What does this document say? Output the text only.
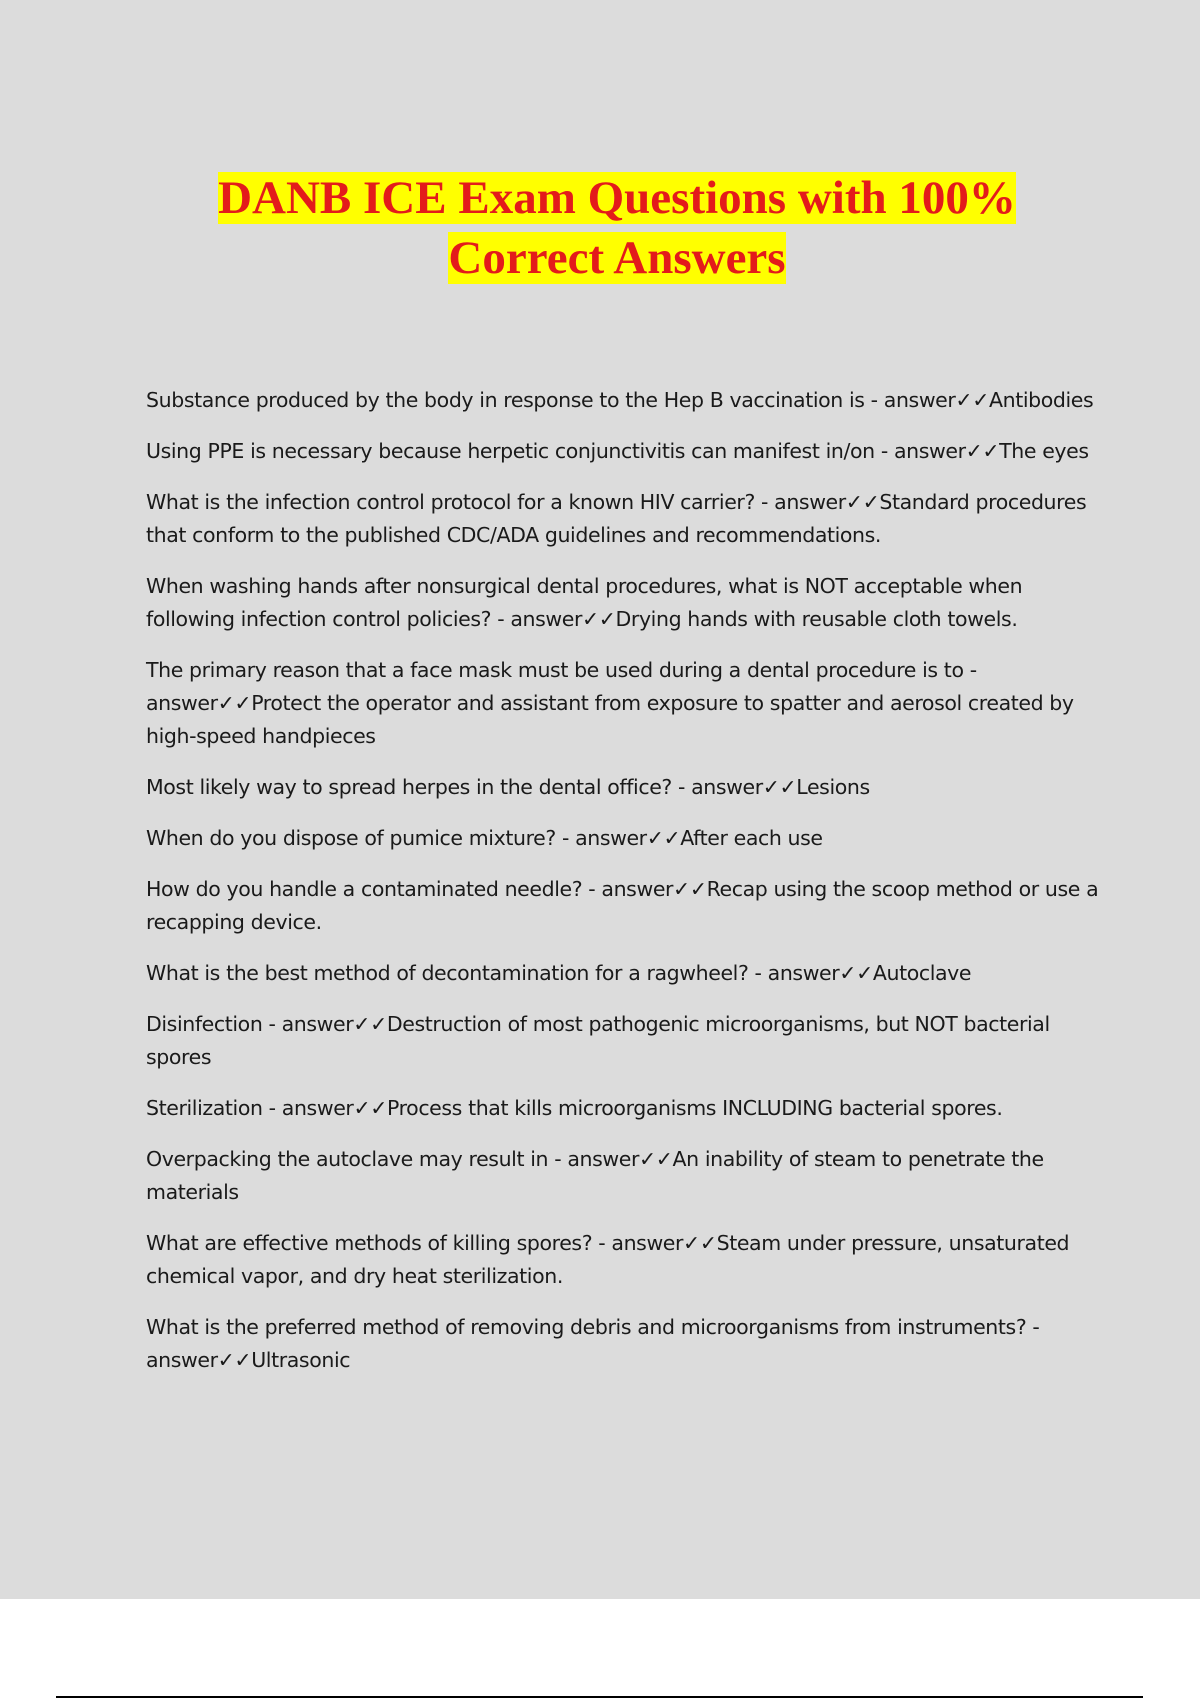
DANB ICE Exam Questions with 100%
Correct Answers

Substance produced by the body in response to the Hep B vaccination is - answer✓✓Antibodies

Using PPE is necessary because herpetic conjunctivitis can manifest in/on - answer✓✓The eyes

What is the infection control protocol for a known HIV carrier? - answer✓✓Standard procedures that conform to the published CDC/ADA guidelines and recommendations.

When washing hands after nonsurgical dental procedures, what is NOT acceptable when following infection control policies? - answer✓✓Drying hands with reusable cloth towels.

The primary reason that a face mask must be used during a dental procedure is to - answer✓✓Protect the operator and assistant from exposure to spatter and aerosol created by high-speed handpieces

Most likely way to spread herpes in the dental office? - answer✓✓Lesions

When do you dispose of pumice mixture? - answer✓✓After each use

How do you handle a contaminated needle? - answer✓✓Recap using the scoop method or use a recapping device.

What is the best method of decontamination for a ragwheel? - answer✓✓Autoclave

Disinfection - answer✓✓Destruction of most pathogenic microorganisms, but NOT bacterial spores

Sterilization - answer✓✓Process that kills microorganisms INCLUDING bacterial spores.

Overpacking the autoclave may result in - answer✓✓An inability of steam to penetrate the materials

What are effective methods of killing spores? - answer✓✓Steam under pressure, unsaturated chemical vapor, and dry heat sterilization.

What is the preferred method of removing debris and microorganisms from instruments? - answer✓✓Ultrasonic
